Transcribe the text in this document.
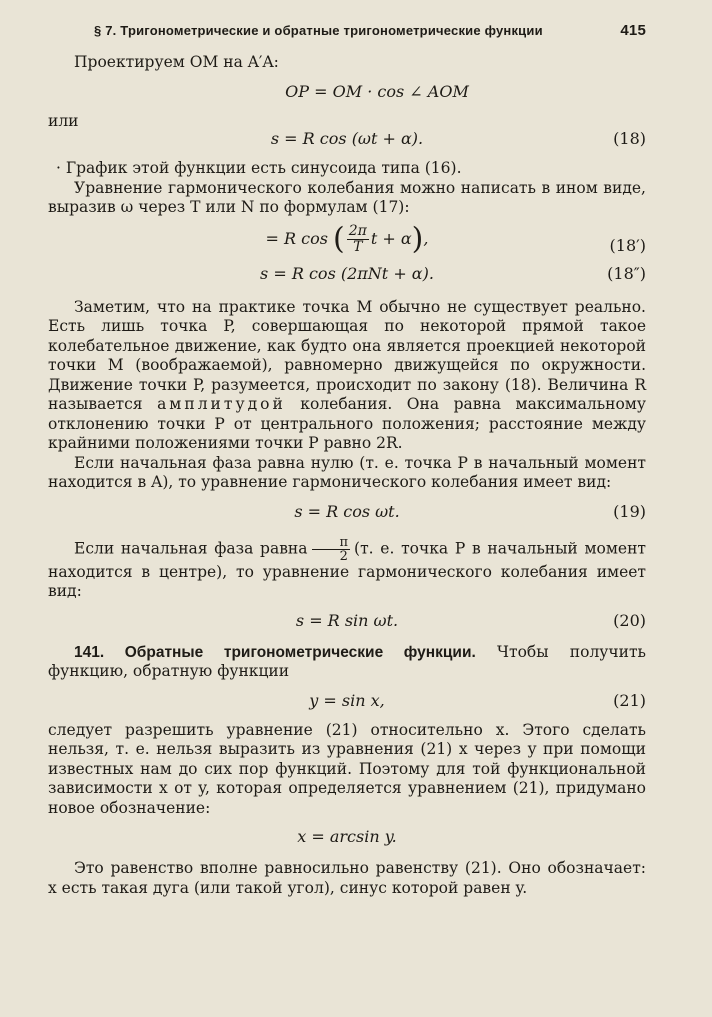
§ 7. Тригонометрические и обратные тригонометрические функции	415

Проектируем OM на A′A:

OP = OM · cos ∠ AOM

или

s = R cos (ωt + α).	(18)

· График этой функции есть синусоида типа (16).

Уравнение гармонического колебания можно написать в ином виде, выразив ω через T или N по формулам (17):

= R cos ( $\frac{2\pi}{T}$ t + α),	(18′)
s = R cos (2πNt + α).	(18″)

Заметим, что на практике точка M обычно не существует реально. Есть лишь точка P, совершающая по некоторой прямой такое колебательное движение, как будто она является проекцией некоторой точки M (воображаемой), равномерно движущейся по окружности. Движение точки P, разумеется, происходит по закону (18). Величина R называется амплитудой колебания. Она равна максимальному отклонению точки P от центрального положения; расстояние между крайними положениями точки P равно 2R.

Если начальная фаза равна нулю (т. е. точка P в начальный момент находится в A), то уравнение гармонического колебания имеет вид:

s = R cos ωt.	(19)

Если начальная фаза равна $\frac{\pi}{2} (т$. е. точка P в начальный момент находится в центре), то уравнение гармонического колебания имеет вид:

s = R sin ωt.	(20)

141. Обратные тригонометрические функции. Чтобы получить функцию, обратную функции

y = sin x,	(21)

следует разрешить уравнение (21) относительно x. Этого сделать нельзя, т. е. нельзя выразить из уравнения (21) x через y при помощи известных нам до сих пор функций. Поэтому для той функциональной зависимости x от y, которая определяется уравнением (21), придумано новое обозначение:

x = arcsin y.

Это равенство вполне равносильно равенству (21). Оно обозначает: x есть такая дуга (или такой угол), синус которой равен y.
